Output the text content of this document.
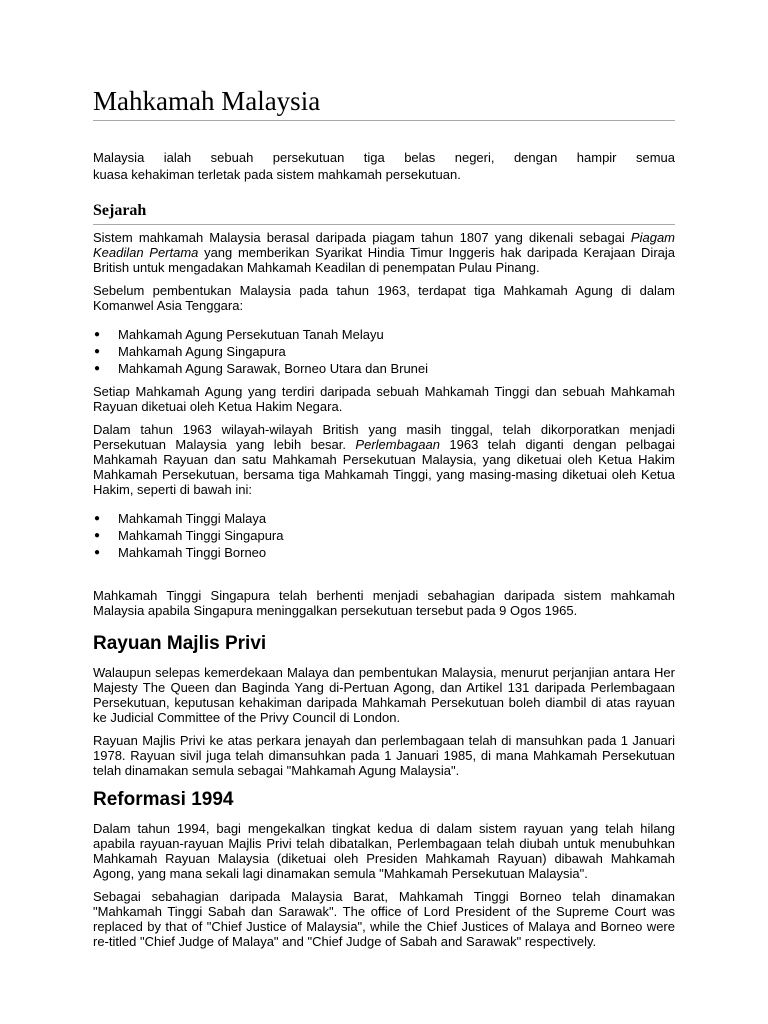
Mahkamah Malaysia

Malaysia ialah sebuah persekutuan tiga belas negeri, dengan hampir semua
kuasa kehakiman terletak pada sistem mahkamah persekutuan.

Sejarah

Sistem mahkamah Malaysia berasal daripada piagam tahun 1807 yang dikenali sebagai Piagam Keadilan Pertama yang memberikan Syarikat Hindia Timur Inggeris hak daripada Kerajaan Diraja British untuk mengadakan Mahkamah Keadilan di penempatan Pulau Pinang.

Sebelum pembentukan Malaysia pada tahun 1963, terdapat tiga Mahkamah Agung di dalam Komanwel Asia Tenggara:

● Mahkamah Agung Persekutuan Tanah Melayu
● Mahkamah Agung Singapura
● Mahkamah Agung Sarawak, Borneo Utara dan Brunei

Setiap Mahkamah Agung yang terdiri daripada sebuah Mahkamah Tinggi dan sebuah Mahkamah Rayuan diketuai oleh Ketua Hakim Negara.

Dalam tahun 1963 wilayah-wilayah British yang masih tinggal, telah dikorporatkan menjadi Persekutuan Malaysia yang lebih besar. Perlembagaan 1963 telah diganti dengan pelbagai Mahkamah Rayuan dan satu Mahkamah Persekutuan Malaysia, yang diketuai oleh Ketua Hakim Mahkamah Persekutuan, bersama tiga Mahkamah Tinggi, yang masing-masing diketuai oleh Ketua Hakim, seperti di bawah ini:

● Mahkamah Tinggi Malaya
● Mahkamah Tinggi Singapura
● Mahkamah Tinggi Borneo

Mahkamah Tinggi Singapura telah berhenti menjadi sebahagian daripada sistem mahkamah Malaysia apabila Singapura meninggalkan persekutuan tersebut pada 9 Ogos 1965.

Rayuan Majlis Privi

Walaupun selepas kemerdekaan Malaya dan pembentukan Malaysia, menurut perjanjian antara Her Majesty The Queen dan Baginda Yang di-Pertuan Agong, dan Artikel 131 daripada Perlembagaan Persekutuan, keputusan kehakiman daripada Mahkamah Persekutuan boleh diambil di atas rayuan ke Judicial Committee of the Privy Council di London.

Rayuan Majlis Privi ke atas perkara jenayah dan perlembagaan telah di mansuhkan pada 1 Januari 1978. Rayuan sivil juga telah dimansuhkan pada 1 Januari 1985, di mana Mahkamah Persekutuan telah dinamakan semula sebagai "Mahkamah Agung Malaysia".

Reformasi 1994

Dalam tahun 1994, bagi mengekalkan tingkat kedua di dalam sistem rayuan yang telah hilang apabila rayuan-rayuan Majlis Privi telah dibatalkan, Perlembagaan telah diubah untuk menubuhkan Mahkamah Rayuan Malaysia (diketuai oleh Presiden Mahkamah Rayuan) dibawah Mahkamah Agong, yang mana sekali lagi dinamakan semula "Mahkamah Persekutuan Malaysia".

Sebagai sebahagian daripada Malaysia Barat, Mahkamah Tinggi Borneo telah dinamakan "Mahkamah Tinggi Sabah dan Sarawak". The office of Lord President of the Supreme Court was replaced by that of "Chief Justice of Malaysia", while the Chief Justices of Malaya and Borneo were re-titled "Chief Judge of Malaya" and "Chief Judge of Sabah and Sarawak" respectively.
